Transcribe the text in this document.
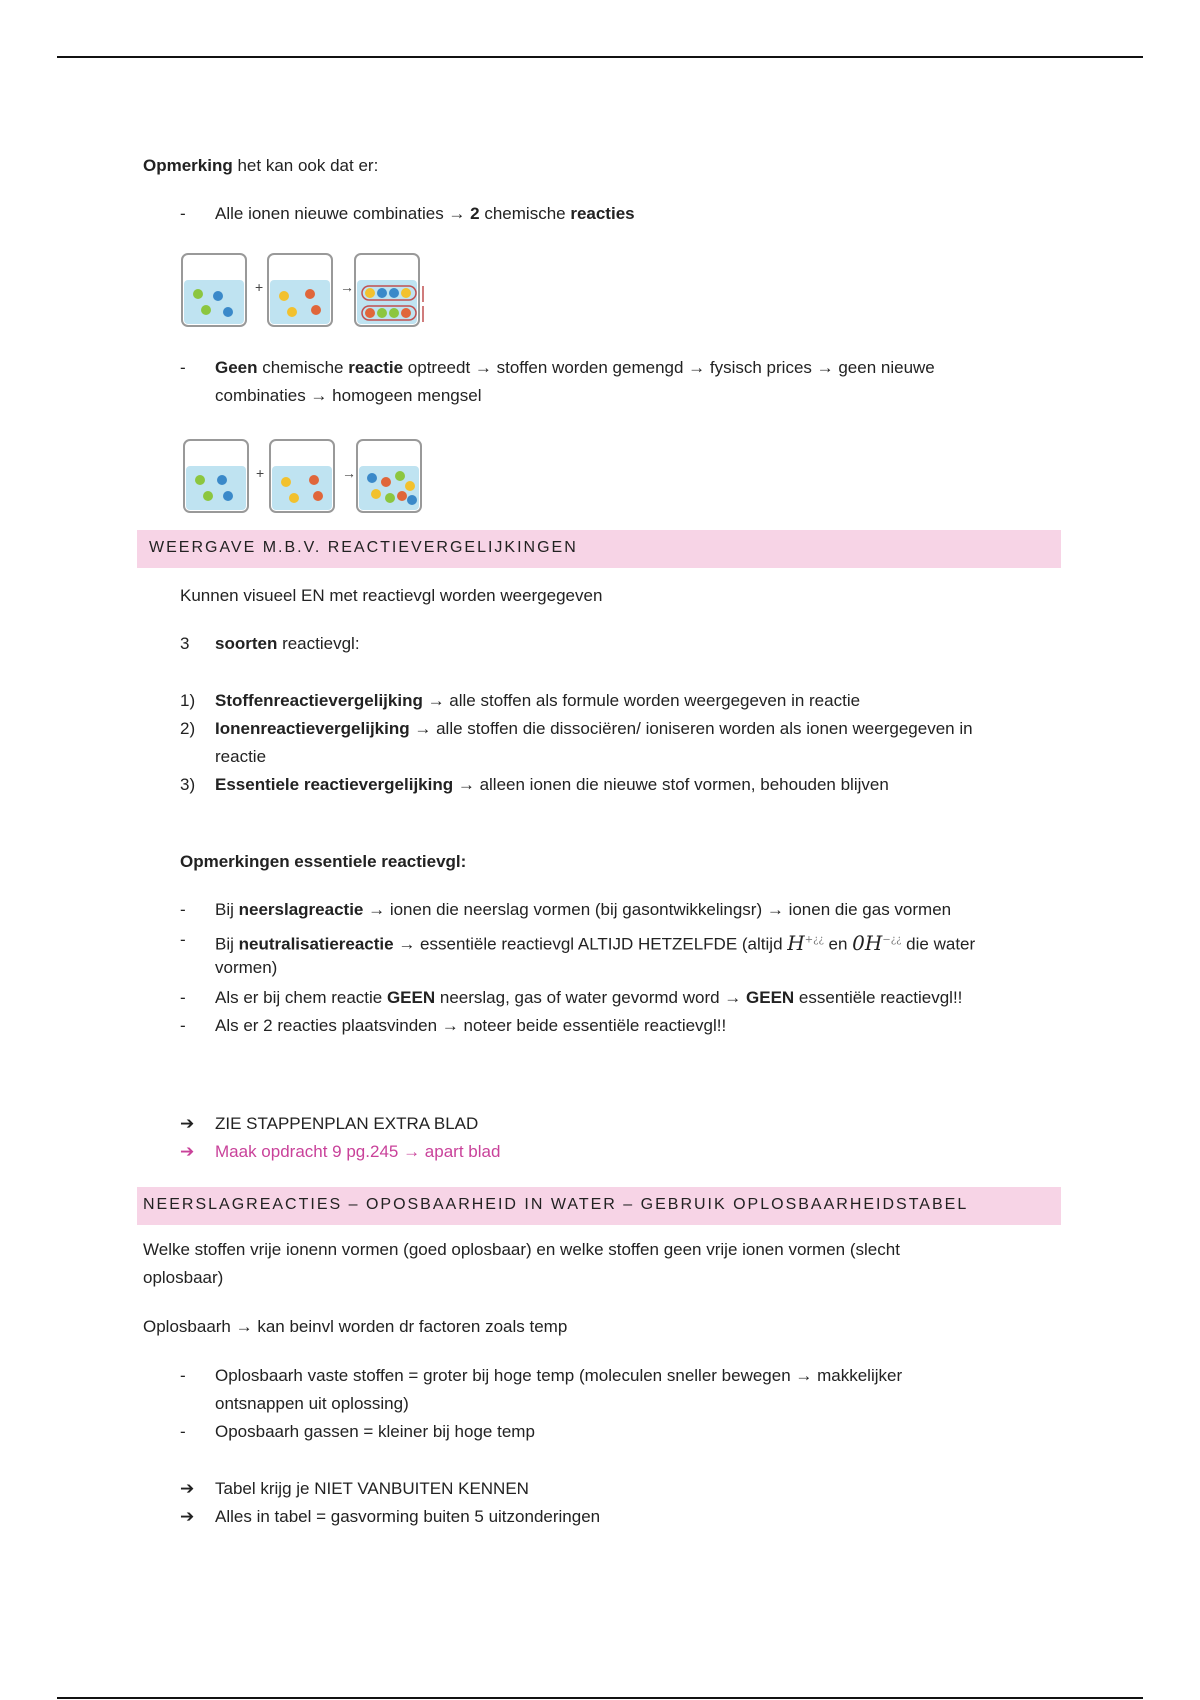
Opmerking het kan ook dat er:
-	Alle ionen nieuwe combinaties → 2 chemische reacties
+	→
-	Geen chemische reactie optreedt → stoffen worden gemengd → fysisch prices → geen nieuwe
combinaties → homogeen mengsel
+	→
WEERGAVE M.B.V. REACTIEVERGELIJKINGEN
Kunnen visueel EN met reactievgl worden weergegeven
3	soorten reactievgl:
1)	Stoffenreactievergelijking → alle stoffen als formule worden weergegeven in reactie
2)	Ionenreactievergelijking → alle stoffen die dissociëren/ ioniseren worden als ionen weergegeven in
reactie
3)	Essentiele reactievergelijking → alleen ionen die nieuwe stof vormen, behouden blijven
Opmerkingen essentiele reactievgl:
-	Bij neerslagreactie → ionen die neerslag vormen (bij gasontwikkelingsr) → ionen die gas vormen
-	Bij neutralisatiereactie → essentiële reactievgl ALTIJD HETZELFDE (altijd H+¿¿ en 0H−¿¿ die water
vormen)
-	Als er bij chem reactie GEEN neerslag, gas of water gevormd word → GEEN essentiële reactievgl!!
-	Als er 2 reacties plaatsvinden → noteer beide essentiële reactievgl!!
➔ ZIE STAPPENPLAN EXTRA BLAD
➔ Maak opdracht 9 pg.245 → apart blad
NEERSLAGREACTIES – OPOSBAARHEID IN WATER – GEBRUIK OPLOSBAARHEIDSTABEL
Welke stoffen vrije ionenn vormen (goed oplosbaar) en welke stoffen geen vrije ionen vormen (slecht
oplosbaar)
Oplosbaarh → kan beinvl worden dr factoren zoals temp
-	Oplosbaarh vaste stoffen = groter bij hoge temp (moleculen sneller bewegen → makkelijker
ontsnappen uit oplossing)
-	Oposbaarh gassen = kleiner bij hoge temp
➔ Tabel krijg je NIET VANBUITEN KENNEN
➔ Alles in tabel = gasvorming buiten 5 uitzonderingen
